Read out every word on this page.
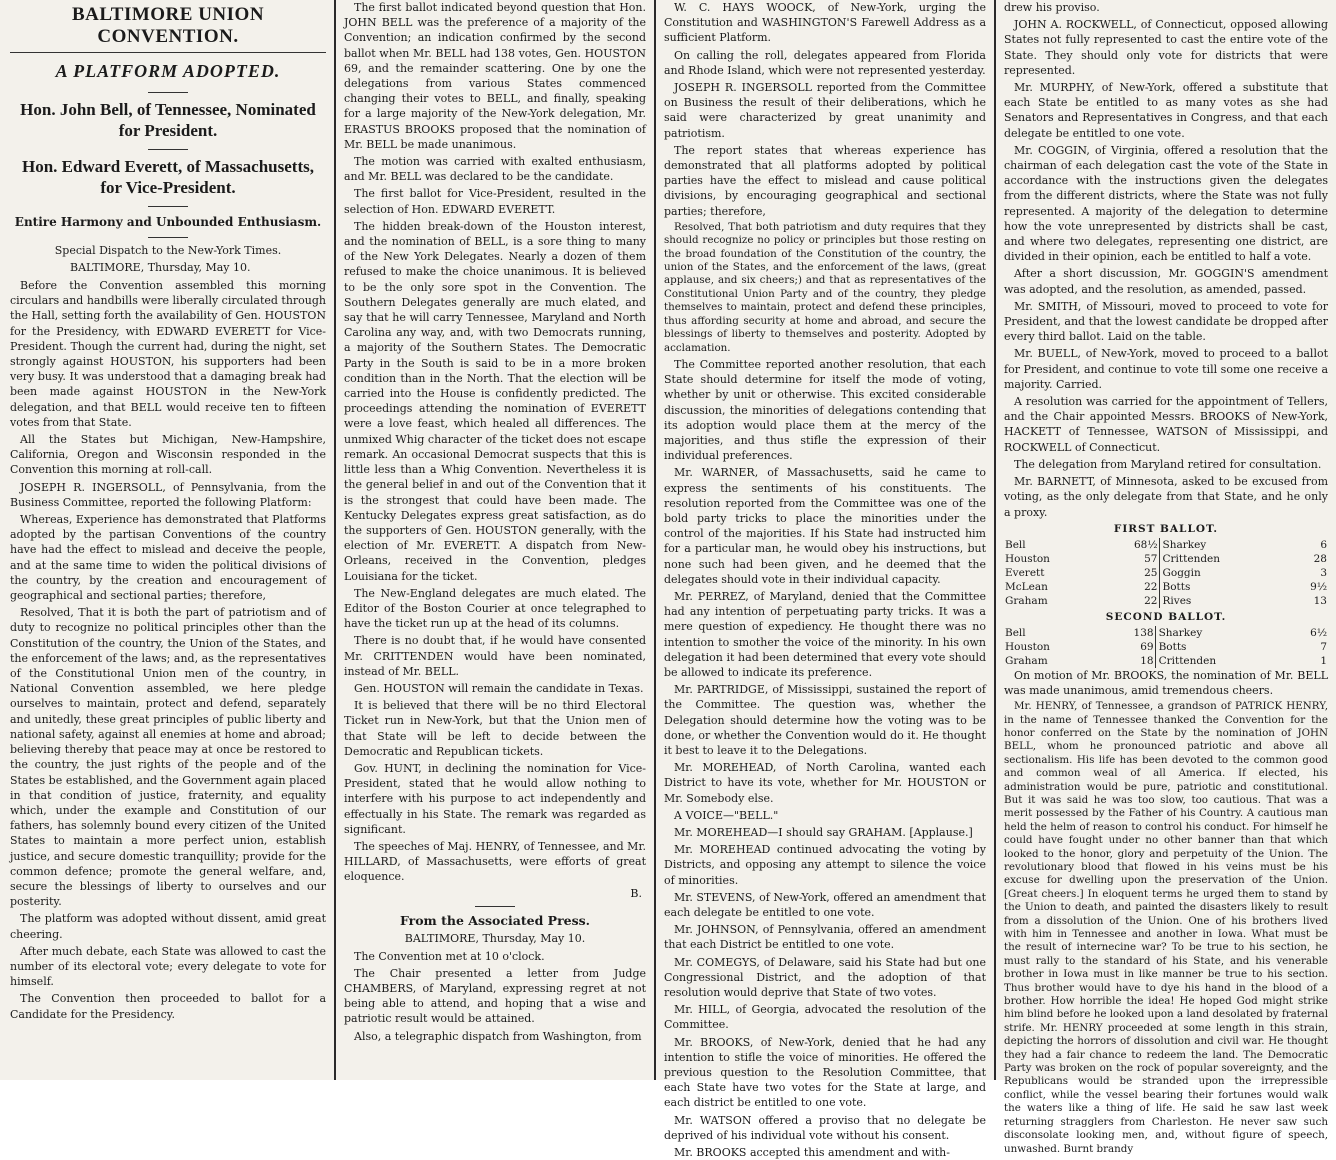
BALTIMORE UNION CONVENTION.
A PLATFORM ADOPTED.
Hon. John Bell, of Tennessee, Nominated for President.
Hon. Edward Everett, of Massachusetts, for Vice-President.
Entire Harmony and Unbounded Enthusiasm.
Special Dispatch to the New-York Times.
BALTIMORE, Thursday, May 10.

Before the Convention assembled this morning circulars and handbills were liberally circulated through the Hall, setting forth the availability of Gen. HOUSTON for the Presidency, with EDWARD EVERETT for Vice-President. Though the current had, during the night, set strongly against HOUSTON, his supporters had been very busy. It was understood that a damaging break had been made against HOUSTON in the New-York delegation, and that BELL would receive ten to fifteen votes from that State.

All the States but Michigan, New-Hampshire, California, Oregon and Wisconsin responded in the Convention this morning at roll-call.

JOSEPH R. INGERSOLL, of Pennsylvania, from the Business Committee, reported the following Platform:

Whereas, Experience has demonstrated that Platforms adopted by the partisan Conventions of the country have had the effect to mislead and deceive the people, and at the same time to widen the political divisions of the country, by the creation and encouragement of geographical and sectional parties; therefore,

Resolved, That it is both the part of patriotism and of duty to recognize no political principles other than the Constitution of the country, the Union of the States, and the enforcement of the laws; and, as the representatives of the Constitutional Union men of the country, in National Convention assembled, we here pledge ourselves to maintain, protect and defend, separately and unitedly, these great principles of public liberty and national safety, against all enemies at home and abroad; believing thereby that peace may at once be restored to the country, the just rights of the people and of the States be established, and the Government again placed in that condition of justice, fraternity, and equality which, under the example and Constitution of our fathers, has solemnly bound every citizen of the United States to maintain a more perfect union, establish justice, and secure domestic tranquillity; provide for the common defence; promote the general welfare, and, secure the blessings of liberty to ourselves and our posterity.

The platform was adopted without dissent, amid great cheering.

After much debate, each State was allowed to cast the number of its electoral vote; every delegate to vote for himself.

The Convention then proceeded to ballot for a Candidate for the Presidency.

The first ballot indicated beyond question that Hon. JOHN BELL was the preference of a majority of the Convention; an indication confirmed by the second ballot when Mr. BELL had 138 votes, Gen. HOUSTON 69, and the remainder scattering. One by one the delegations from various States commenced changing their votes to BELL, and finally, speaking for a large majority of the New-York delegation, Mr. ERASTUS BROOKS proposed that the nomination of Mr. BELL be made unanimous.

The motion was carried with exalted enthusiasm, and Mr. BELL was declared to be the candidate.

The first ballot for Vice-President, resulted in the selection of Hon. EDWARD EVERETT.

The hidden break-down of the Houston interest, and the nomination of BELL, is a sore thing to many of the New York Delegates. Nearly a dozen of them refused to make the choice unanimous. It is believed to be the only sore spot in the Convention. The Southern Delegates generally are much elated, and say that he will carry Tennessee, Maryland and North Carolina any way, and, with two Democrats running, a majority of the Southern States. The Democratic Party in the South is said to be in a more broken condition than in the North. That the election will be carried into the House is confidently predicted. The proceedings attending the nomination of EVERETT were a love feast, which healed all differences. The unmixed Whig character of the ticket does not escape remark. An occasional Democrat suspects that this is little less than a Whig Convention. Nevertheless it is the general belief in and out of the Convention that it is the strongest that could have been made. The Kentucky Delegates express great satisfaction, as do the supporters of Gen. HOUSTON generally, with the election of Mr. EVERETT. A dispatch from New-Orleans, received in the Convention, pledges Louisiana for the ticket.

The New-England delegates are much elated. The Editor of the Boston Courier at once telegraphed to have the ticket run up at the head of its columns.

There is no doubt that, if he would have consented Mr. CRITTENDEN would have been nominated, instead of Mr. BELL.

Gen. HOUSTON will remain the candidate in Texas.

It is believed that there will be no third Electoral Ticket run in New-York, but that the Union men of that State will be left to decide between the Democratic and Republican tickets.

Gov. HUNT, in declining the nomination for Vice-President, stated that he would allow nothing to interfere with his purpose to act independently and effectually in his State. The remark was regarded as significant.

The speeches of Maj. HENRY, of Tennessee, and Mr. HILLARD, of Massachusetts, were efforts of great eloquence.

B.
From the Associated Press.
BALTIMORE, Thursday, May 10.

The Convention met at 10 o'clock.

The Chair presented a letter from Judge CHAMBERS, of Maryland, expressing regret at not being able to attend, and hoping that a wise and patriotic result would be attained.

Also, a telegraphic dispatch from Washington, from

W. C. HAYS WOOCK, of New-York, urging the Constitution and WASHINGTON'S Farewell Address as a sufficient Platform.

On calling the roll, delegates appeared from Florida and Rhode Island, which were not represented yesterday.

JOSEPH R. INGERSOLL reported from the Committee on Business the result of their deliberations, which he said were characterized by great unanimity and patriotism.

The report states that whereas experience has demonstrated that all platforms adopted by political parties have the effect to mislead and cause political divisions, by encouraging geographical and sectional parties; therefore,

Resolved, That both patriotism and duty requires that they should recognize no policy or principles but those resting on the broad foundation of the Constitution of the country, the union of the States, and the enforcement of the laws, (great applause, and six cheers;) and that as representatives of the Constitutional Union Party and of the country, they pledge themselves to maintain, protect and defend these principles, thus affording security at home and abroad, and secure the blessings of liberty to themselves and posterity. Adopted by acclamation.

The Committee reported another resolution, that each State should determine for itself the mode of voting, whether by unit or otherwise. This excited considerable discussion, the minorities of delegations contending that its adoption would place them at the mercy of the majorities, and thus stifle the expression of their individual preferences.

Mr. WARNER, of Massachusetts, said he came to express the sentiments of his constituents. The resolution reported from the Committee was one of the bold party tricks to place the minorities under the control of the majorities. If his State had instructed him for a particular man, he would obey his instructions, but none such had been given, and he deemed that the delegates should vote in their individual capacity.

Mr. PERREZ, of Maryland, denied that the Committee had any intention of perpetuating party tricks. It was a mere question of expediency. He thought there was no intention to smother the voice of the minority. In his own delegation it had been determined that every vote should be allowed to indicate its preference.

Mr. PARTRIDGE, of Mississippi, sustained the report of the Committee. The question was, whether the Delegation should determine how the voting was to be done, or whether the Convention would do it. He thought it best to leave it to the Delegations.

Mr. MOREHEAD, of North Carolina, wanted each District to have its vote, whether for Mr. HOUSTON or Mr. Somebody else.

A VOICE—"BELL."

Mr. MOREHEAD—I should say GRAHAM. [Applause.]

Mr. MOREHEAD continued advocating the voting by Districts, and opposing any attempt to silence the voice of minorities.

Mr. STEVENS, of New-York, offered an amendment that each delegate be entitled to one vote.

Mr. JOHNSON, of Pennsylvania, offered an amendment that each District be entitled to one vote.

Mr. COMEGYS, of Delaware, said his State had but one Congressional District, and the adoption of that resolution would deprive that State of two votes.

Mr. HILL, of Georgia, advocated the resolution of the Committee.

Mr. BROOKS, of New-York, denied that he had any intention to stifle the voice of minorities. He offered the previous question to the Resolution Committee, that each State have two votes for the State at large, and each district be entitled to one vote.

Mr. WATSON offered a proviso that no delegate be deprived of his individual vote without his consent.

Mr. BROOKS accepted this amendment and with-

drew his proviso.

JOHN A. ROCKWELL, of Connecticut, opposed allowing States not fully represented to cast the entire vote of the State. They should only vote for districts that were represented.

Mr. MURPHY, of New-York, offered a substitute that each State be entitled to as many votes as she had Senators and Representatives in Congress, and that each delegate be entitled to one vote.

Mr. COGGIN, of Virginia, offered a resolution that the chairman of each delegation cast the vote of the State in accordance with the instructions given the delegates from the different districts, where the State was not fully represented. A majority of the delegation to determine how the vote unrepresented by districts shall be cast, and where two delegates, representing one district, are divided in their opinion, each be entitled to half a vote.

After a short discussion, Mr. GOGGIN'S amendment was adopted, and the resolution, as amended, passed.

Mr. SMITH, of Missouri, moved to proceed to vote for President, and that the lowest candidate be dropped after every third ballot. Laid on the table.

Mr. BUELL, of New-York, moved to proceed to a ballot for President, and continue to vote till some one receive a majority. Carried.

A resolution was carried for the appointment of Tellers, and the Chair appointed Messrs. BROOKS of New-York, HACKETT of Tennessee, WATSON of Mississippi, and ROCKWELL of Connecticut.

The delegation from Maryland retired for consultation.

Mr. BARNETT, of Minnesota, asked to be excused from voting, as the only delegate from that State, and he only a proxy.

FIRST BALLOT.
Bell	68½		Sharkey	6
Houston	57		Crittenden	28
Everett	25		Goggin	3
McLean	22		Botts	9½
Graham	22		Rives	13
SECOND BALLOT.
Bell	138		Sharkey	6½
Houston	69		Botts	7
Graham	18		Crittenden	1

On motion of Mr. BROOKS, the nomination of Mr. BELL was made unanimous, amid tremendous cheers.

Mr. HENRY, of Tennessee, a grandson of PATRICK HENRY, in the name of Tennessee thanked the Convention for the honor conferred on the State by the nomination of JOHN BELL, whom he pronounced patriotic and above all sectionalism. His life has been devoted to the common good and common weal of all America. If elected, his administration would be pure, patriotic and constitutional. But it was said he was too slow, too cautious. That was a merit possessed by the Father of his Country. A cautious man held the helm of reason to control his conduct. For himself he could have fought under no other banner than that which looked to the honor, glory and perpetuity of the Union. The revolutionary blood that flowed in his veins must be his excuse for dwelling upon the preservation of the Union. [Great cheers.] In eloquent terms he urged them to stand by the Union to death, and painted the disasters likely to result from a dissolution of the Union. One of his brothers lived with him in Tennessee and another in Iowa. What must be the result of internecine war? To be true to his section, he must rally to the standard of his State, and his venerable brother in Iowa must in like manner be true to his section. Thus brother would have to dye his hand in the blood of a brother. How horrible the idea! He hoped God might strike him blind before he looked upon a land desolated by fraternal strife. Mr. HENRY proceeded at some length in this strain, depicting the horrors of dissolution and civil war. He thought they had a fair chance to redeem the land. The Democratic Party was broken on the rock of popular sovereignty, and the Republicans would be stranded upon the irrepressible conflict, while the vessel bearing their fortunes would walk the waters like a thing of life. He said he saw last week returning stragglers from Charleston. He never saw such disconsolate looking men, and, without figure of speech, unwashed. Burnt brandy
